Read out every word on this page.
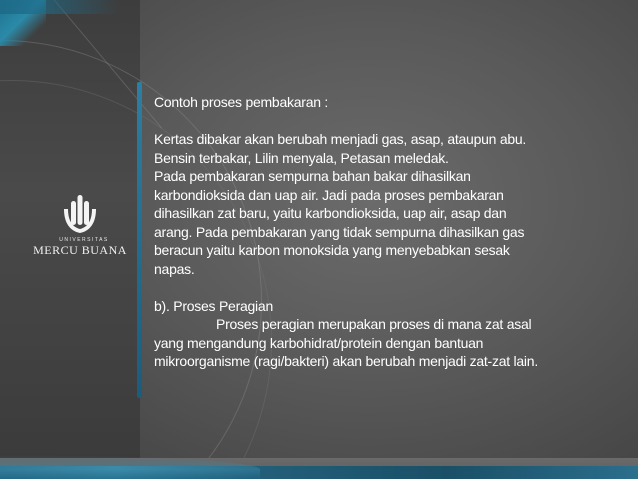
UNIVERSITAS
MERCU BUANA

Contoh proses pembakaran :

Kertas dibakar akan berubah menjadi gas, asap, ataupun abu.

Bensin terbakar, Lilin menyala, Petasan meledak.

Pada pembakaran sempurna bahan bakar dihasilkan

karbondioksida dan uap air. Jadi pada proses pembakaran

dihasilkan zat baru, yaitu karbondioksida, uap air, asap dan

arang. Pada pembakaran yang tidak sempurna dihasilkan gas

beracun yaitu karbon monoksida yang menyebabkan sesak

napas.

b). Proses Peragian

Proses peragian merupakan proses di mana zat asal

yang mengandung karbohidrat/protein dengan bantuan

mikroorganisme (ragi/bakteri) akan berubah menjadi zat-zat lain.
